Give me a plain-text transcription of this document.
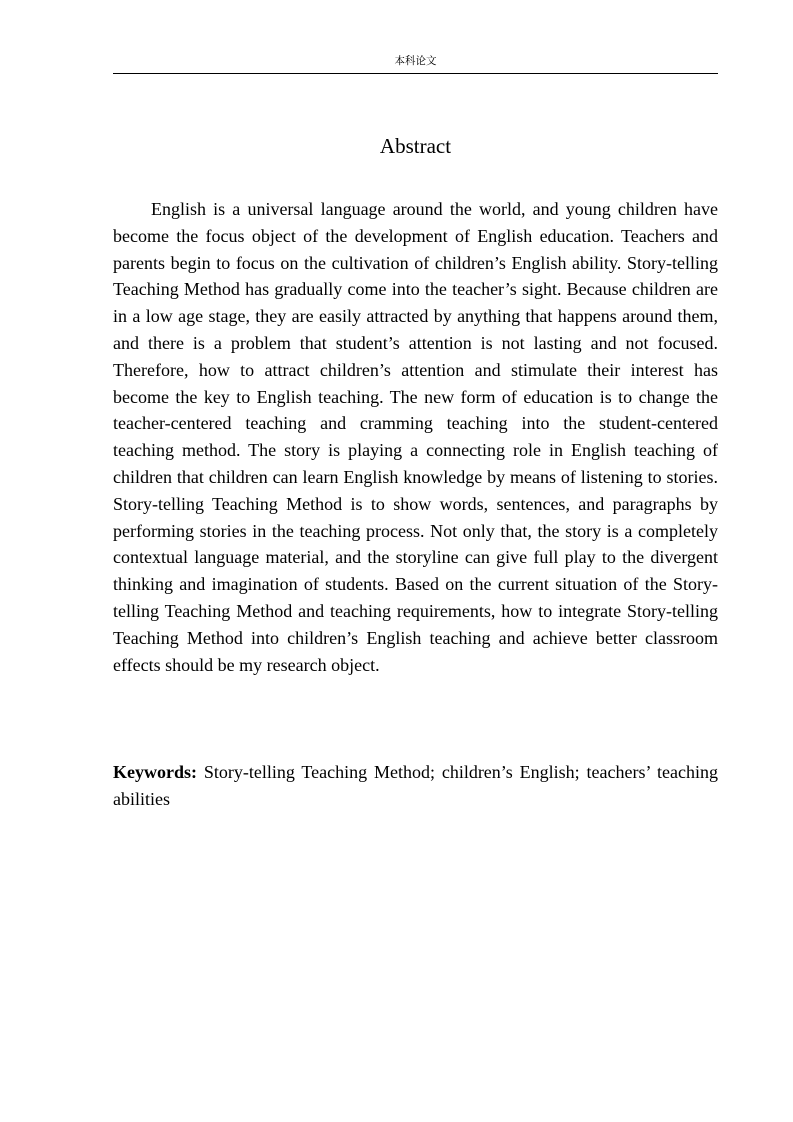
本科论文
Abstract

English is a universal language around the world, and young children have become the focus object of the development of English education. Teachers and parents begin to focus on the cultivation of children’s English ability. Story-telling Teaching Method has gradually come into the teacher’s sight. Because children are in a low age stage, they are easily attracted by anything that happens around them, and there is a problem that student’s attention is not lasting and not focused. Therefore, how to attract children’s attention and stimulate their interest has become the key to English teaching. The new form of education is to change the teacher-centered teaching and cramming teaching into the student-centered teaching method. The story is playing a connecting role in English teaching of children that children can learn English knowledge by means of listening to stories. Story-telling Teaching Method is to show words, sentences, and paragraphs by performing stories in the teaching process. Not only that, the story is a completely contextual language material, and the storyline can give full play to the divergent thinking and imagination of students. Based on the current situation of the Story-telling Teaching Method and teaching requirements, how to integrate Story-telling Teaching Method into children’s English teaching and achieve better classroom effects should be my research object.

Keywords: Story-telling Teaching Method; children’s English; teachers’ teaching abilities
